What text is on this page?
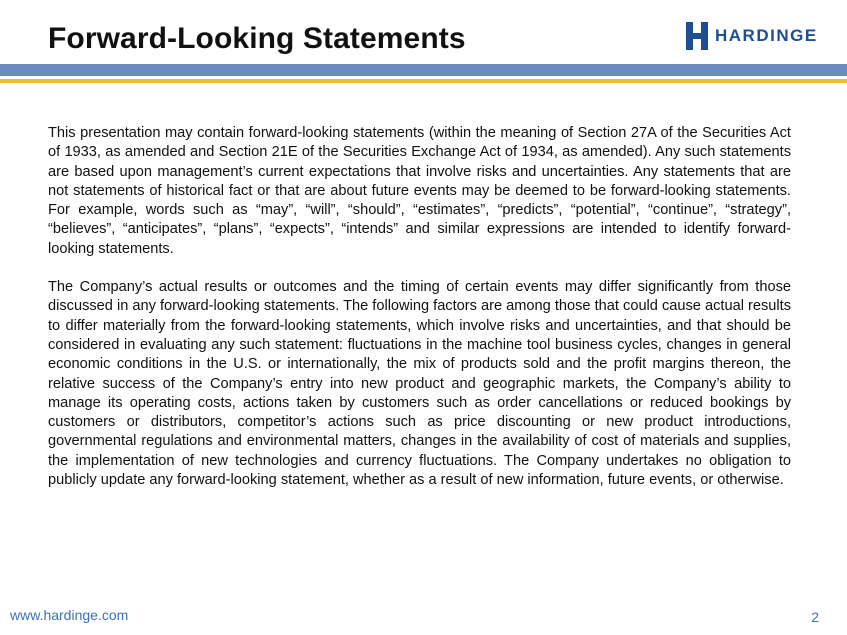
Forward-Looking Statements	HARDINGE

This presentation may contain forward-looking statements (within the meaning of Section 27A of the Securities Act of 1933, as amended and Section 21E of the Securities Exchange Act of 1934, as amended). Any such statements are based upon management’s current expectations that involve risks and uncertainties. Any statements that are not statements of historical fact or that are about future events may be deemed to be forward-looking statements. For example, words such as “may”, “will”, “should”, “estimates”, “predicts”, “potential”, “continue”, “strategy”, “believes”, “anticipates”, “plans”, “expects”, “intends” and similar expressions are intended to identify forward-looking statements.

The Company’s actual results or outcomes and the timing of certain events may differ significantly from those discussed in any forward-looking statements. The following factors are among those that could cause actual results to differ materially from the forward-looking statements, which involve risks and uncertainties, and that should be considered in evaluating any such statement: fluctuations in the machine tool business cycles, changes in general economic conditions in the U.S. or internationally, the mix of products sold and the profit margins thereon, the relative success of the Company’s entry into new product and geographic markets, the Company’s ability to manage its operating costs, actions taken by customers such as order cancellations or reduced bookings by customers or distributors, competitor’s actions such as price discounting or new product introductions, governmental regulations and environmental matters, changes in the availability of cost of materials and supplies, the implementation of new technologies and currency fluctuations. The Company undertakes no obligation to publicly update any forward-looking statement, whether as a result of new information, future events, or otherwise.

www.hardinge.com	2
